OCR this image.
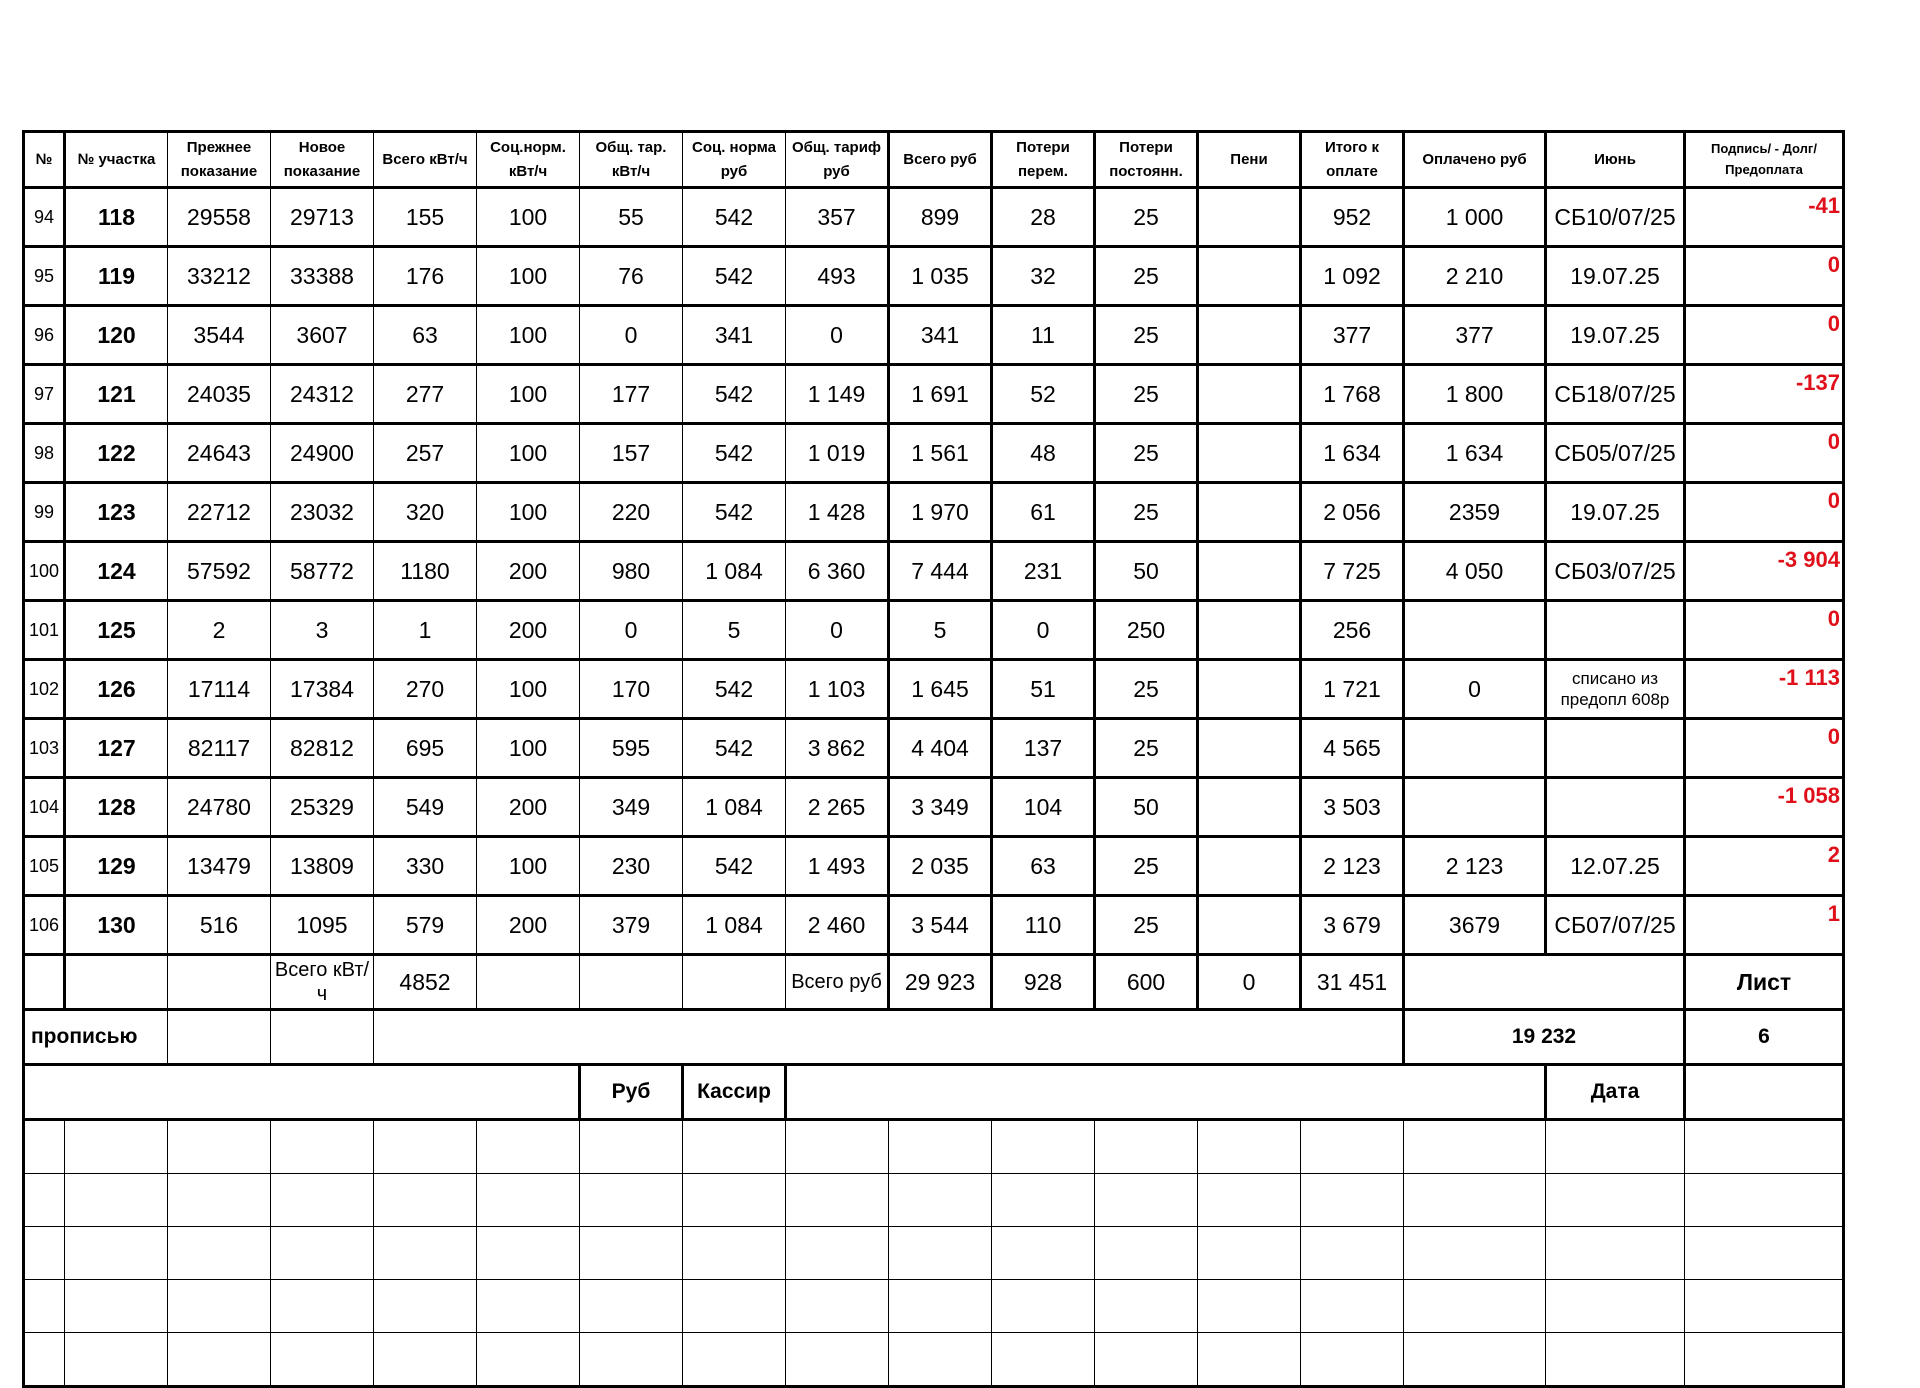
№	№ участка	Прежнее показание	Новое показание	Всего кВт/ч	Соц.норм. кВт/ч	Общ. тар. кВт/ч	Соц. норма руб	Общ. тариф руб	Всего руб	Потери перем.	Потери постоянн.	Пени	Итого к оплате	Оплачено руб	Июнь	Подпись/ - Долг/Предоплата
94	118	29558	29713	155	100	55	542	357	899	28	25		952	1 000	СБ10/07/25	-41
95	119	33212	33388	176	100	76	542	493	1 035	32	25		1 092	2 210	19.07.25	0
96	120	3544	3607	63	100	0	341	0	341	11	25		377	377	19.07.25	0
97	121	24035	24312	277	100	177	542	1 149	1 691	52	25		1 768	1 800	СБ18/07/25	-137
98	122	24643	24900	257	100	157	542	1 019	1 561	48	25		1 634	1 634	СБ05/07/25	0
99	123	22712	23032	320	100	220	542	1 428	1 970	61	25		2 056	2359	19.07.25	0
100	124	57592	58772	1180	200	980	1 084	6 360	7 444	231	50		7 725	4 050	СБ03/07/25	-3 904
101	125	2	3	1	200	0	5	0	5	0	250		256			0
102	126	17114	17384	270	100	170	542	1 103	1 645	51	25		1 721	0	списано из предопл 608р	-1 113
103	127	82117	82812	695	100	595	542	3 862	4 404	137	25		4 565			0
104	128	24780	25329	549	200	349	1 084	2 265	3 349	104	50		3 503			-1 058
105	129	13479	13809	330	100	230	542	1 493	2 035	63	25		2 123	2 123	12.07.25	2
106	130	516	1095	579	200	379	1 084	2 460	3 544	110	25		3 679	3679	СБ07/07/25	1
			Всего кВт/ч	4852				Всего руб	29 923	928	600	0	31 451			Лист
прописью														19 232		6
						Руб	Кассир								Дата	
